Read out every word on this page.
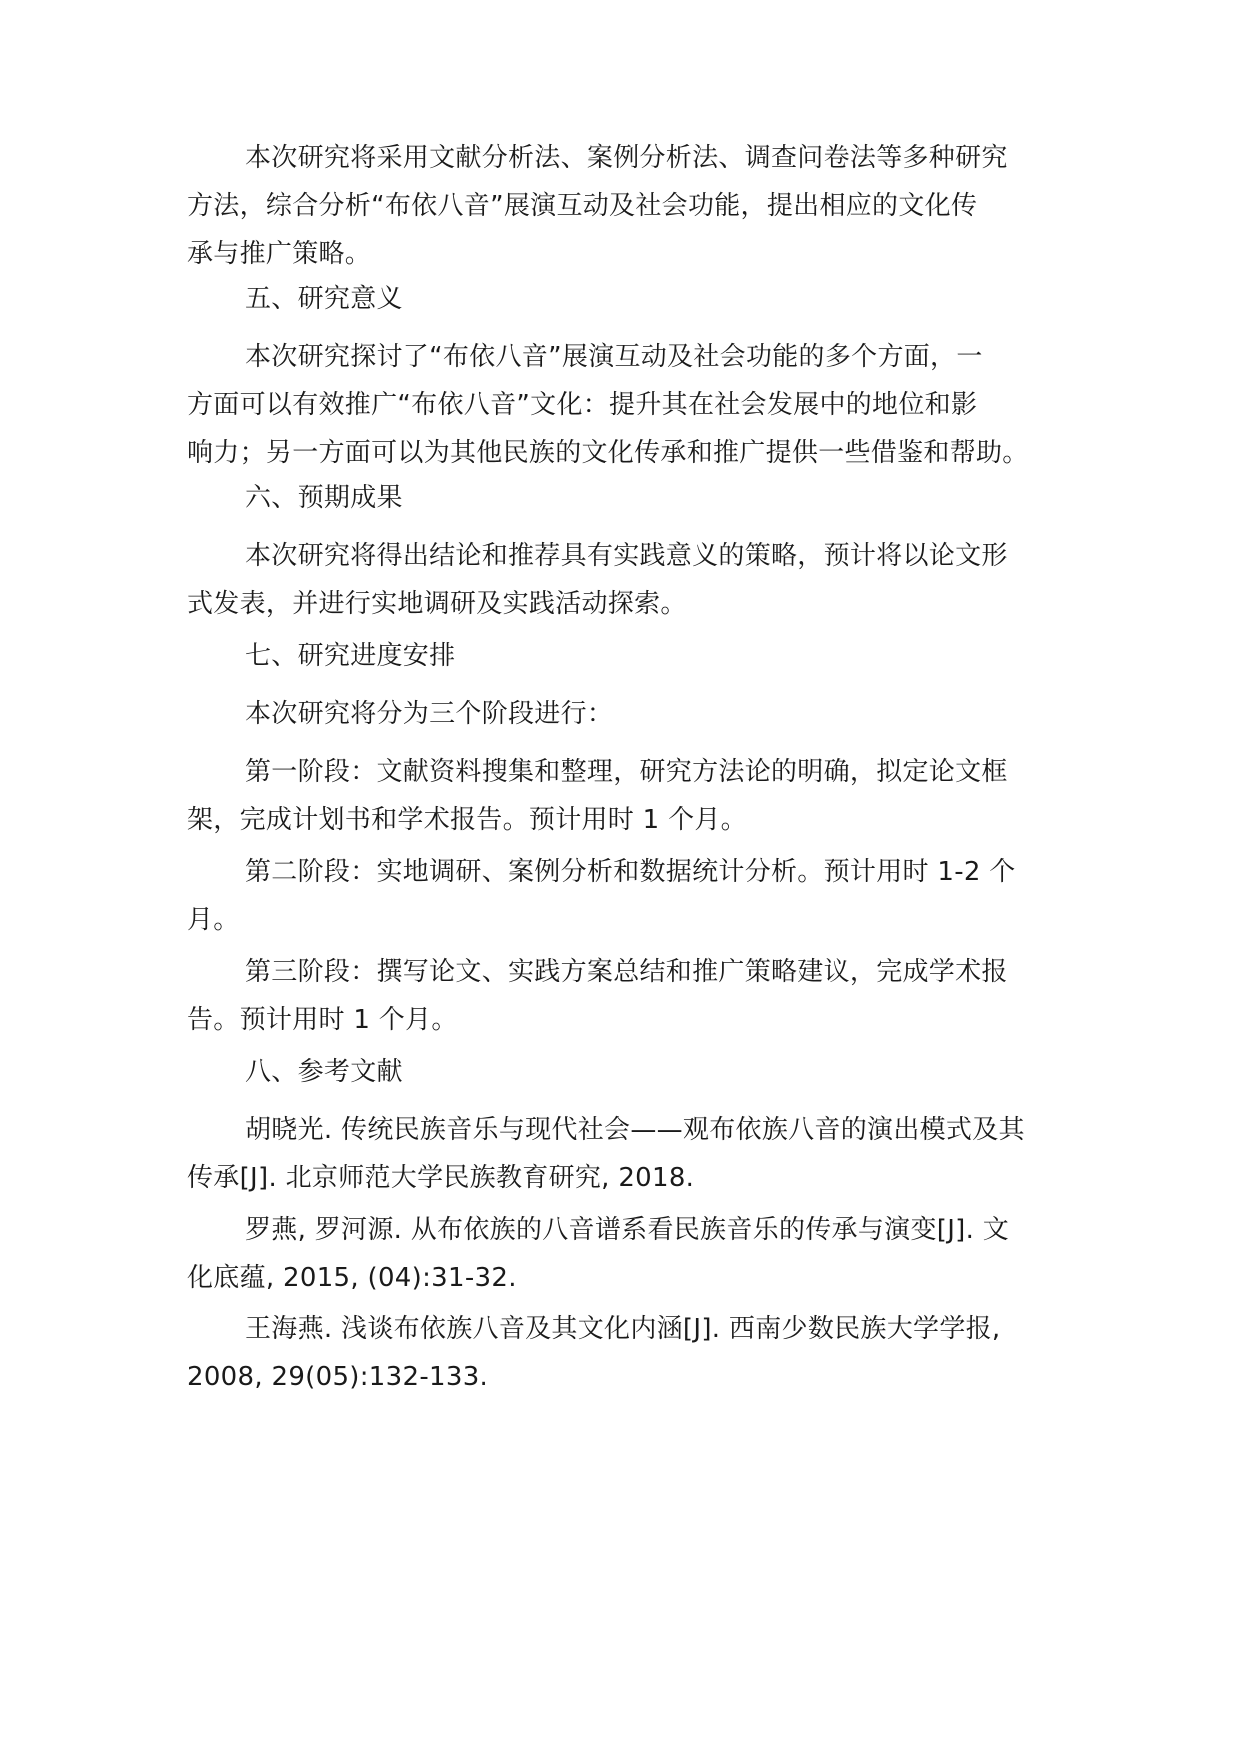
本次研究将采用文献分析法、案例分析法、调查问卷法等多种研究
方法，综合分析“布依八音”展演互动及社会功能，提出相应的文化传
承与推广策略。
五、研究意义
本次研究探讨了“布依八音”展演互动及社会功能的多个方面，一
方面可以有效推广“布依八音”文化：提升其在社会发展中的地位和影
响力；另一方面可以为其他民族的文化传承和推广提供一些借鉴和帮助。
六、预期成果
本次研究将得出结论和推荐具有实践意义的策略，预计将以论文形
式发表，并进行实地调研及实践活动探索。
七、研究进度安排
本次研究将分为三个阶段进行：
第一阶段：文献资料搜集和整理，研究方法论的明确，拟定论文框
架，完成计划书和学术报告。预计用时 1 个月。
第二阶段：实地调研、案例分析和数据统计分析。预计用时 1-2 个
月。
第三阶段：撰写论文、实践方案总结和推广策略建议，完成学术报
告。预计用时 1 个月。
八、参考文献
胡晓光. 传统民族音乐与现代社会——观布依族八音的演出模式及其
传承[J]. 北京师范大学民族教育研究, 2018.
罗燕, 罗河源. 从布依族的八音谱系看民族音乐的传承与演变[J]. 文
化底蕴, 2015, (04):31-32.
王海燕. 浅谈布依族八音及其文化内涵[J]. 西南少数民族大学学报,
2008, 29(05):132-133.
